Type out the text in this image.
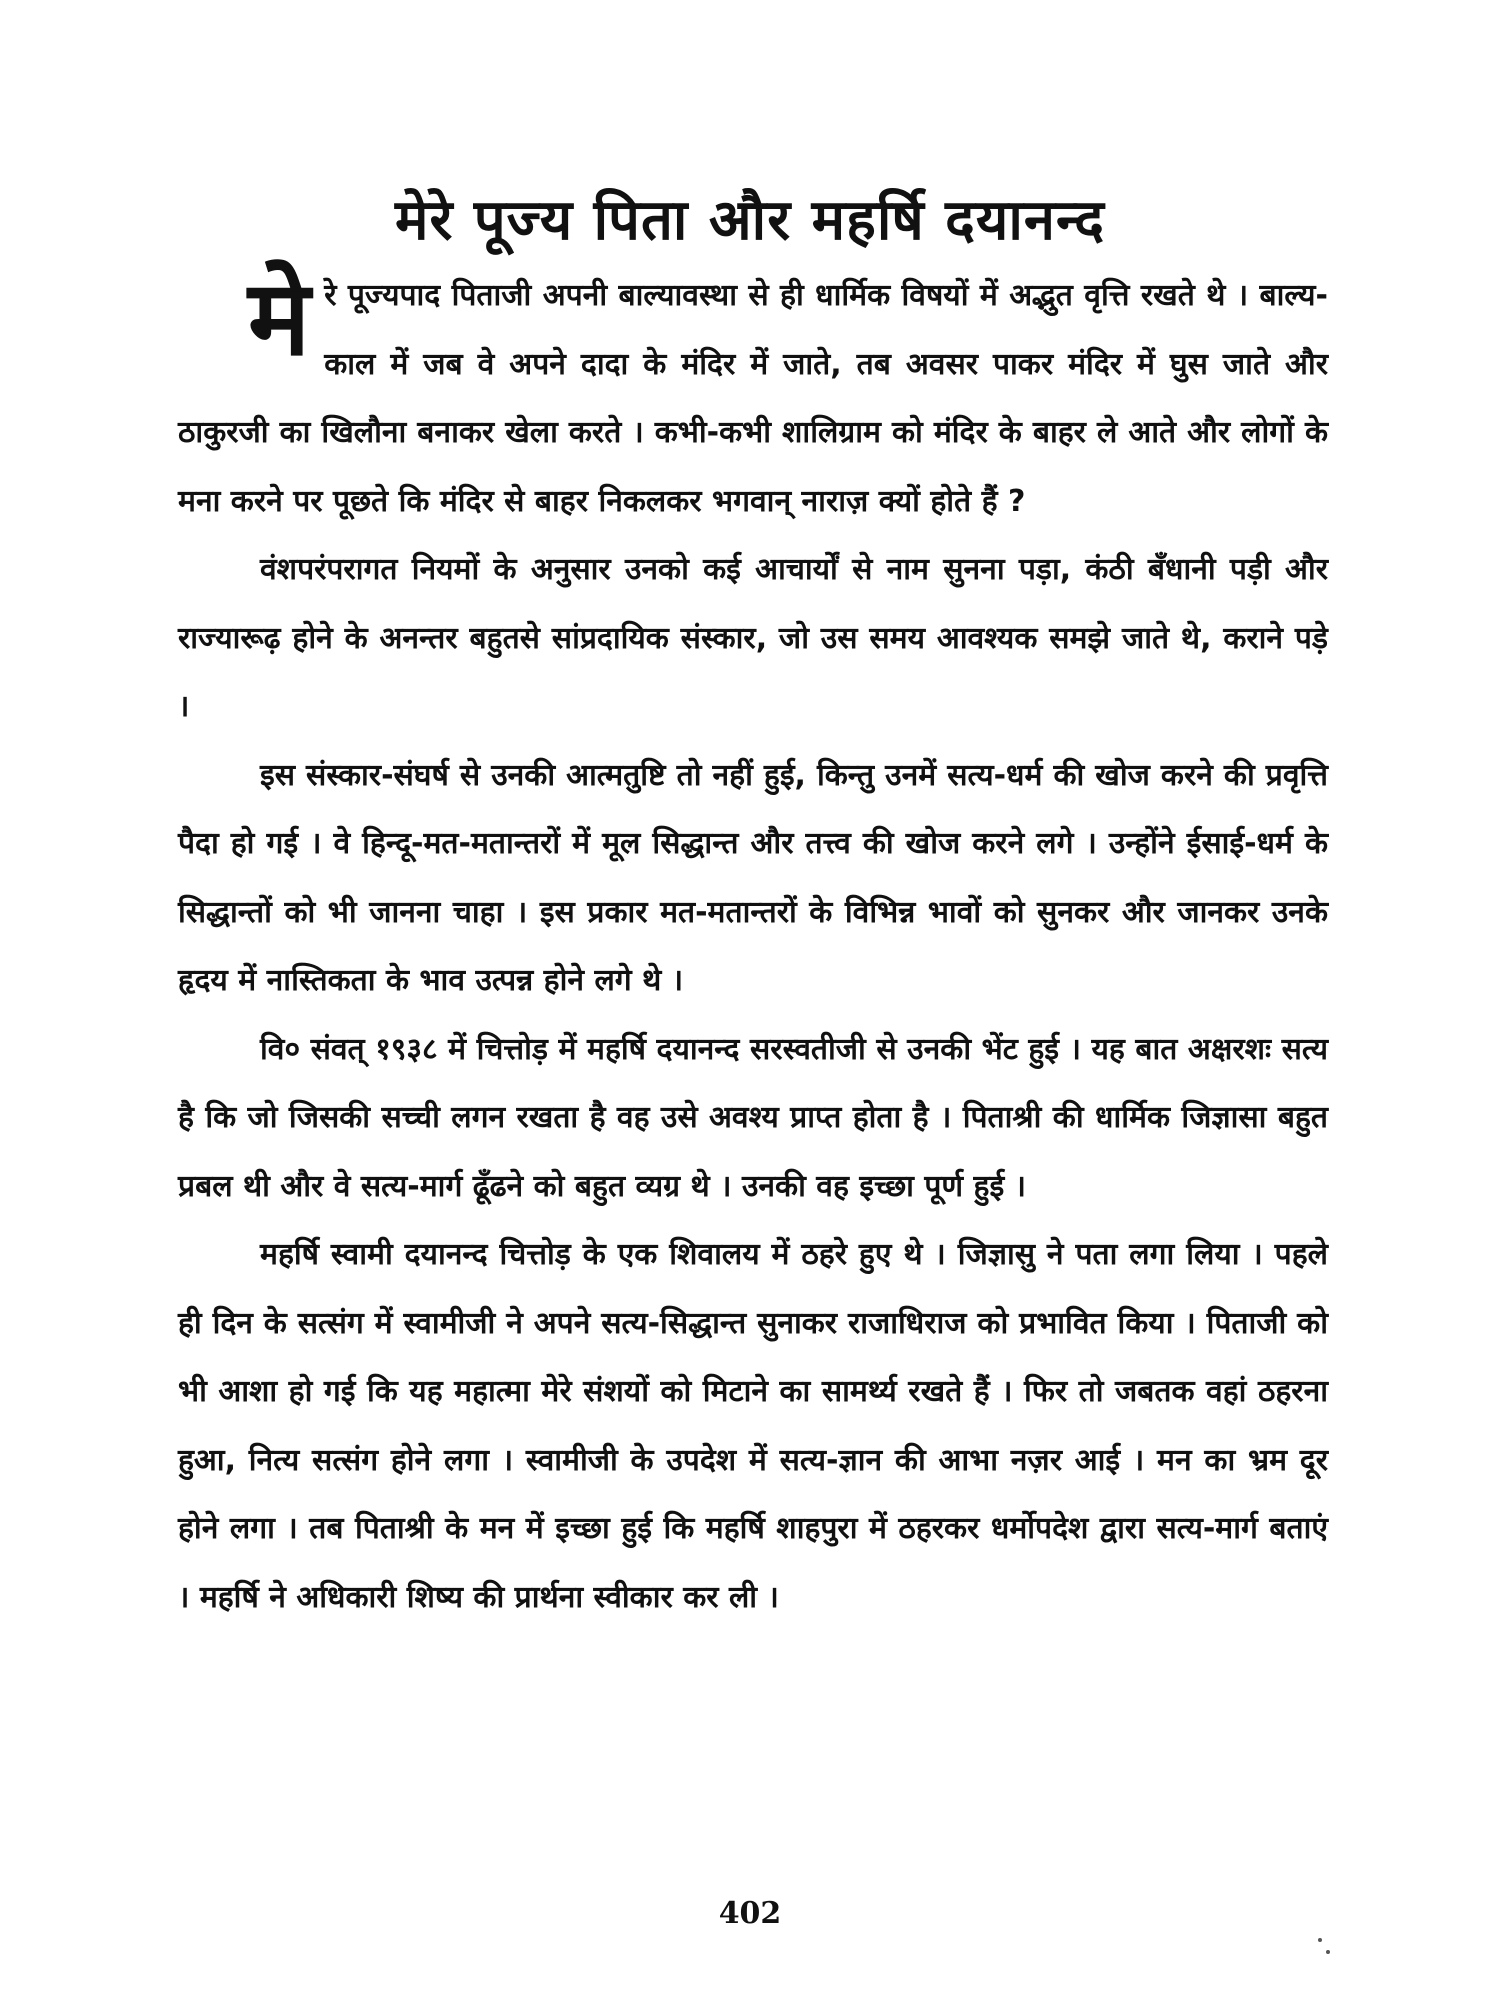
मेरे पूज्य पिता और महर्षि दयानन्द

मे रे पूज्यपाद पिताजी अपनी बाल्यावस्था से ही धार्मिक विषयों में अद्भुत वृत्ति रखते थे । बाल्य-काल में जब वे अपने दादा के मंदिर में जाते, तब अवसर पाकर मंदिर में घुस जाते और ठाकुरजी का खिलौना बनाकर खेला करते । कभी-कभी शालिग्राम को मंदिर के बाहर ले आते और लोगों के मना करने पर पूछते कि मंदिर से बाहर निकलकर भगवान् नाराज़ क्यों होते हैं ?

वंशपरंपरागत नियमों के अनुसार उनको कई आचार्यों से नाम सुनना पड़ा, कंठी बँधानी पड़ी और राज्यारूढ़ होने के अनन्तर बहुतसे सांप्रदायिक संस्कार, जो उस समय आवश्यक समझे जाते थे, कराने पड़े ।

इस संस्कार-संघर्ष से उनकी आत्मतुष्टि तो नहीं हुई, किन्तु उनमें सत्य-धर्म की खोज करने की प्रवृत्ति पैदा हो गई । वे हिन्दू-मत-मतान्तरों में मूल सिद्धान्त और तत्त्व की खोज करने लगे । उन्होंने ईसाई-धर्म के सिद्धान्तों को भी जानना चाहा । इस प्रकार मत-मतान्तरों के विभिन्न भावों को सुनकर और जानकर उनके हृदय में नास्तिकता के भाव उत्पन्न होने लगे थे ।

वि० संवत् १९३८ में चित्तोड़ में महर्षि दयानन्द सरस्वतीजी से उनकी भेंट हुई । यह बात अक्षरशः सत्य है कि जो जिसकी सच्ची लगन रखता है वह उसे अवश्य प्राप्त होता है । पिताश्री की धार्मिक जिज्ञासा बहुत प्रबल थी और वे सत्य-मार्ग ढूँढने को बहुत व्यग्र थे । उनकी वह इच्छा पूर्ण हुई ।

महर्षि स्वामी दयानन्द चित्तोड़ के एक शिवालय में ठहरे हुए थे । जिज्ञासु ने पता लगा लिया । पहले ही दिन के सत्संग में स्वामीजी ने अपने सत्य-सिद्धान्त सुनाकर राजाधिराज को प्रभावित किया । पिताजी को भी आशा हो गई कि यह महात्मा मेरे संशयों को मिटाने का सामर्थ्य रखते हैं । फिर तो जबतक वहां ठहरना हुआ, नित्य सत्संग होने लगा । स्वामीजी के उपदेश में सत्य-ज्ञान की आभा नज़र आई । मन का भ्रम दूर होने लगा । तब पिताश्री के मन में इच्छा हुई कि महर्षि शाहपुरा में ठहरकर धर्मोपदेश द्वारा सत्य-मार्ग बताएं । महर्षि ने अधिकारी शिष्य की प्रार्थना स्वीकार कर ली ।

402
